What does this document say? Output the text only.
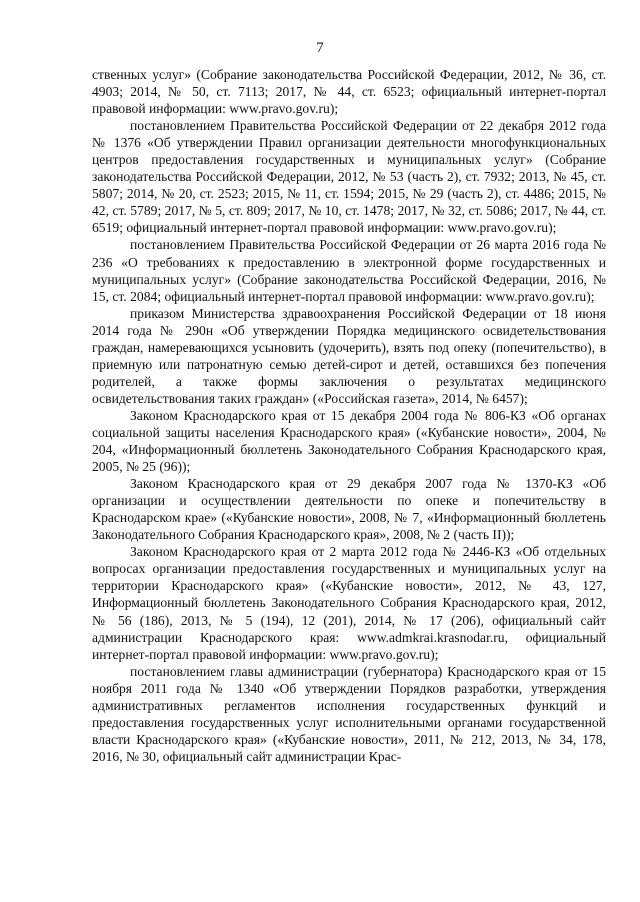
7

ственных услуг» (Собрание законодательства Российской Федерации, 2012, № 36, ст. 4903; 2014, № 50, ст. 7113; 2017, № 44, ст. 6523; официальный интернет-портал правовой информации: www.pravo.gov.ru);

постановлением Правительства Российской Федерации от 22 декабря 2012 года № 1376 «Об утверждении Правил организации деятельности многофункциональных центров предоставления государственных и муниципальных услуг» (Собрание законодательства Российской Федерации, 2012, № 53 (часть 2), ст. 7932; 2013, № 45, ст. 5807; 2014, № 20, ст. 2523; 2015, № 11, ст. 1594; 2015, № 29 (часть 2), ст. 4486; 2015, № 42, ст. 5789; 2017, № 5, ст. 809; 2017, № 10, ст. 1478; 2017, № 32, ст. 5086; 2017, № 44, ст. 6519; официальный интернет-портал правовой информации: www.pravo.gov.ru);

постановлением Правительства Российской Федерации от 26 марта 2016 года № 236 «О требованиях к предоставлению в электронной форме государственных и муниципальных услуг» (Собрание законодательства Российской Федерации, 2016, № 15, ст. 2084; официальный интернет-портал правовой информации: www.pravo.gov.ru);

приказом Министерства здравоохранения Российской Федерации от 18 июня 2014 года № 290н «Об утверждении Порядка медицинского освидетельствования граждан, намеревающихся усыновить (удочерить), взять под опеку (попечительство), в приемную или патронатную семью детей-сирот и детей, оставшихся без попечения родителей, а также формы заключения о результатах медицинского освидетельствования таких граждан» («Российская газета», 2014, № 6457);

Законом Краснодарского края от 15 декабря 2004 года № 806-КЗ «Об органах социальной защиты населения Краснодарского края» («Кубанские новости», 2004, № 204, «Информационный бюллетень Законодательного Собрания Краснодарского края, 2005, № 25 (96));

Законом Краснодарского края от 29 декабря 2007 года № 1370-КЗ «Об организации и осуществлении деятельности по опеке и попечительству в Краснодарском крае» («Кубанские новости», 2008, № 7, «Информационный бюллетень Законодательного Собрания Краснодарского края», 2008, № 2 (часть II));

Законом Краснодарского края от 2 марта 2012 года № 2446-КЗ «Об отдельных вопросах организации предоставления государственных и муниципальных услуг на территории Краснодарского края» («Кубанские новости», 2012, № 43, 127, Информационный бюллетень Законодательного Собрания Краснодарского края, 2012, № 56 (186), 2013, № 5 (194), 12 (201), 2014, № 17 (206), официальный сайт администрации Краснодарского края: www.admkrai.krasnodar.ru, официальный интернет-портал правовой информации: www.pravo.gov.ru);

постановлением главы администрации (губернатора) Краснодарского края от 15 ноября 2011 года № 1340 «Об утверждении Порядков разработки, утверждения административных регламентов исполнения государственных функций и предоставления государственных услуг исполнительными органами государственной власти Краснодарского края» («Кубанские новости», 2011, № 212, 2013, № 34, 178, 2016, № 30, официальный сайт администрации Крас-
